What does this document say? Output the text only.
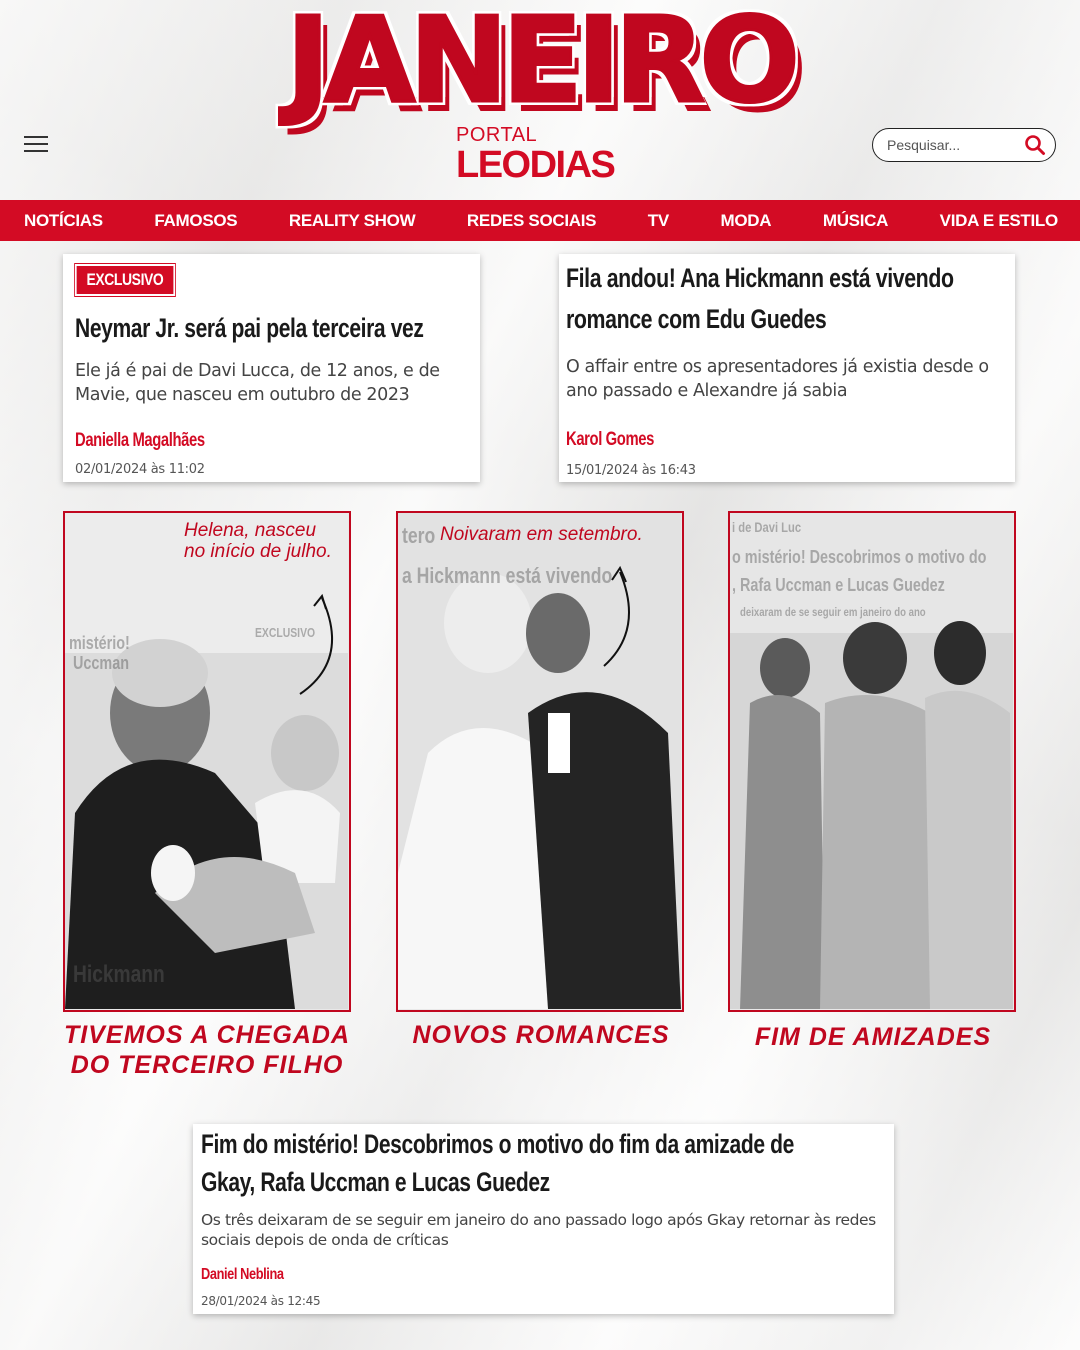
JANEIRO
PORTAL
LEODIAS	Pesquisar...
NOTÍCIAS	FAMOSOS	REALITY SHOW	REDES SOCIAIS	TV	MODA	MÚSICA	VIDA E ESTILO
EXCLUSIVO
Neymar Jr. será pai pela terceira vez
Ele já é pai de Davi Lucca, de 12 anos, e de Mavie, que nasceu em outubro de 2023
Daniella Magalhães
02/01/2024 às 11:02
Fila andou! Ana Hickmann está vivendo
romance com Edu Guedes
O affair entre os apresentadores já existia desde o ano passado e Alexandre já sabia
Karol Gomes
15/01/2024 às 16:43
Hickmann
EXCLUSIVO
mistério!
Uccman
Helena, nasceu
no início de julho.
TIVEMOS A CHEGADA
DO TERCEIRO FILHO
a Hickmann está vivendo
tero Noivaram em setembro.
NOVOS ROMANCES
i de Davi Luc
o mistério! Descobrimos o motivo do
, Rafa Uccman e Lucas Guedez
deixaram de se seguir em janeiro do ano
FIM DE AMIZADES
Fim do mistério! Descobrimos o motivo do fim da amizade de
Gkay, Rafa Uccman e Lucas Guedez
Os três deixaram de se seguir em janeiro do ano passado logo após Gkay retornar às redes sociais depois de onda de críticas
Daniel Neblina
28/01/2024 às 12:45
